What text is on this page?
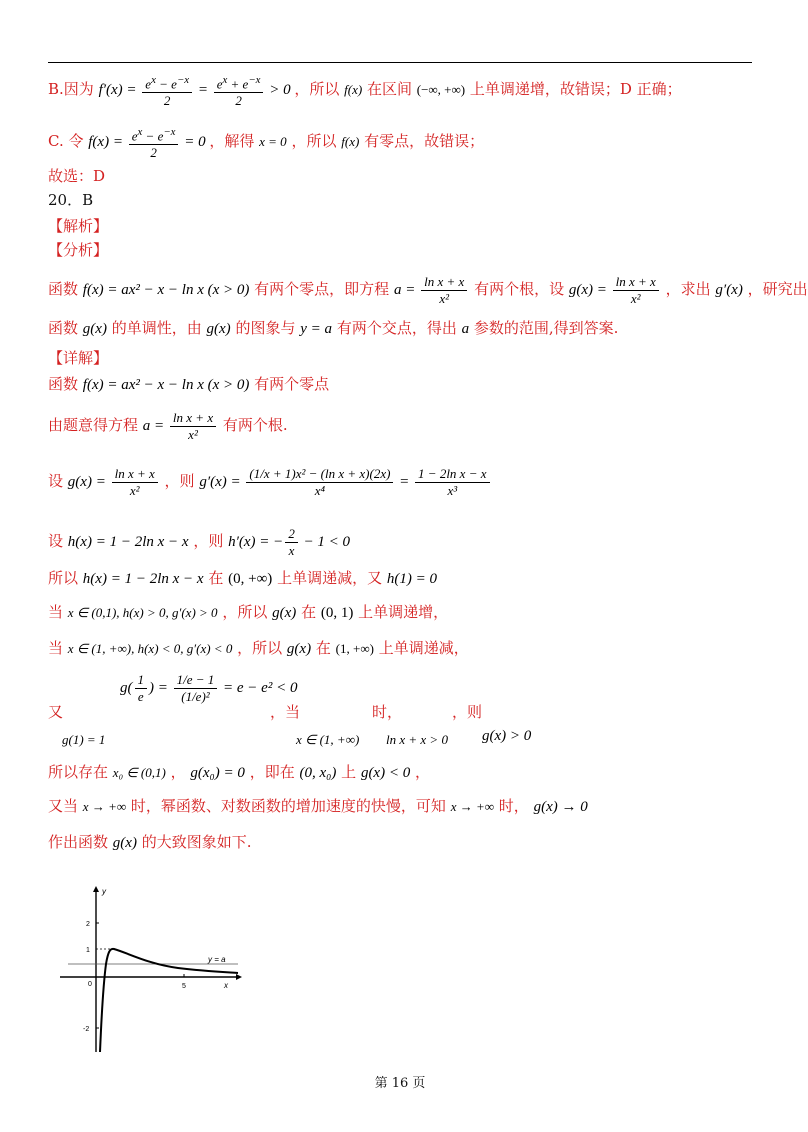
B.因为 $f'(x) = \frac{e^x - e^{-x}}{2} = \frac{e^x + e^{-x}}{2} > 0$ ，所以 f(x) 在区间 (−∞, +∞) 上单调递增，故错误；D 正确；
C. 令 $f(x) = \frac{e^x - e^{-x}}{2} = 0$ ，解得 x = 0 ，所以 f(x) 有零点，故错误；
故选：D
20．B
【解析】
【分析】
函数 f(x) = ax² − x − ln x (x > 0) 有两个零点，即方程 $a = \frac{\text{ln x + x}}{\text{x²}}$ 有两个根，设 $g(x) = \frac{\text{ln x + x}}{\text{x²}}$ ，求出 g′(x) ，研究出
函数 g(x) 的单调性，由 g(x) 的图象与 y = a 有两个交点，得出 a 参数的范围,得到答案.
【详解】
函数 f(x) = ax² − x − ln x (x > 0) 有两个零点
由题意得方程 $a = \frac{\text{ln x + x}}{\text{x²}}$ 有两个根.
设 $g(x) = \frac{\text{ln x + x}}{\text{x²}}$ ，则 $g'(x) = \frac{\text{(1/x + 1)x² − (ln x + x)(2x)}}{\text{x⁴}} = \frac{\text{1 − 2ln x − x}}{\text{x³}}$
设 h(x) = 1 − 2ln x − x ，则 h′(x) = − $\frac{2}{x} - 1 < 0$
所以 h(x) = 1 − 2ln x − x 在 (0, +∞) 上单调递减，又 h(1) = 0
当 x ∈ (0,1), h(x) > 0, g′(x) > 0 ，所以 g(x) 在 (0, 1) 上单调递增，
当 x ∈ (1, +∞), h(x) < 0, g′(x) < 0 ，所以 g(x) 在 (1, +∞) 上单调递减，
又
g(1) = 1
$g( \frac{1}{e}$ ) = $\frac{1/e - 1}{\text{(1/e)²}} = e - e^2 < 0$
，当
x ∈ (1, +∞)
时，
ln x + x > 0
，则
g(x) > 0
所以存在 x₀ ∈ (0,1) ， g(x₀) = 0 ，即在 (0, x₀) 上 g(x) < 0 ，
又当 x → +∞ 时，幂函数、对数函数的增加速度的快慢，可知 x → +∞ 时， g(x) → 0
作出函数 g(x) 的大致图象如下.
y
x
2
1
-2
0	5
y = a
第 16 页
